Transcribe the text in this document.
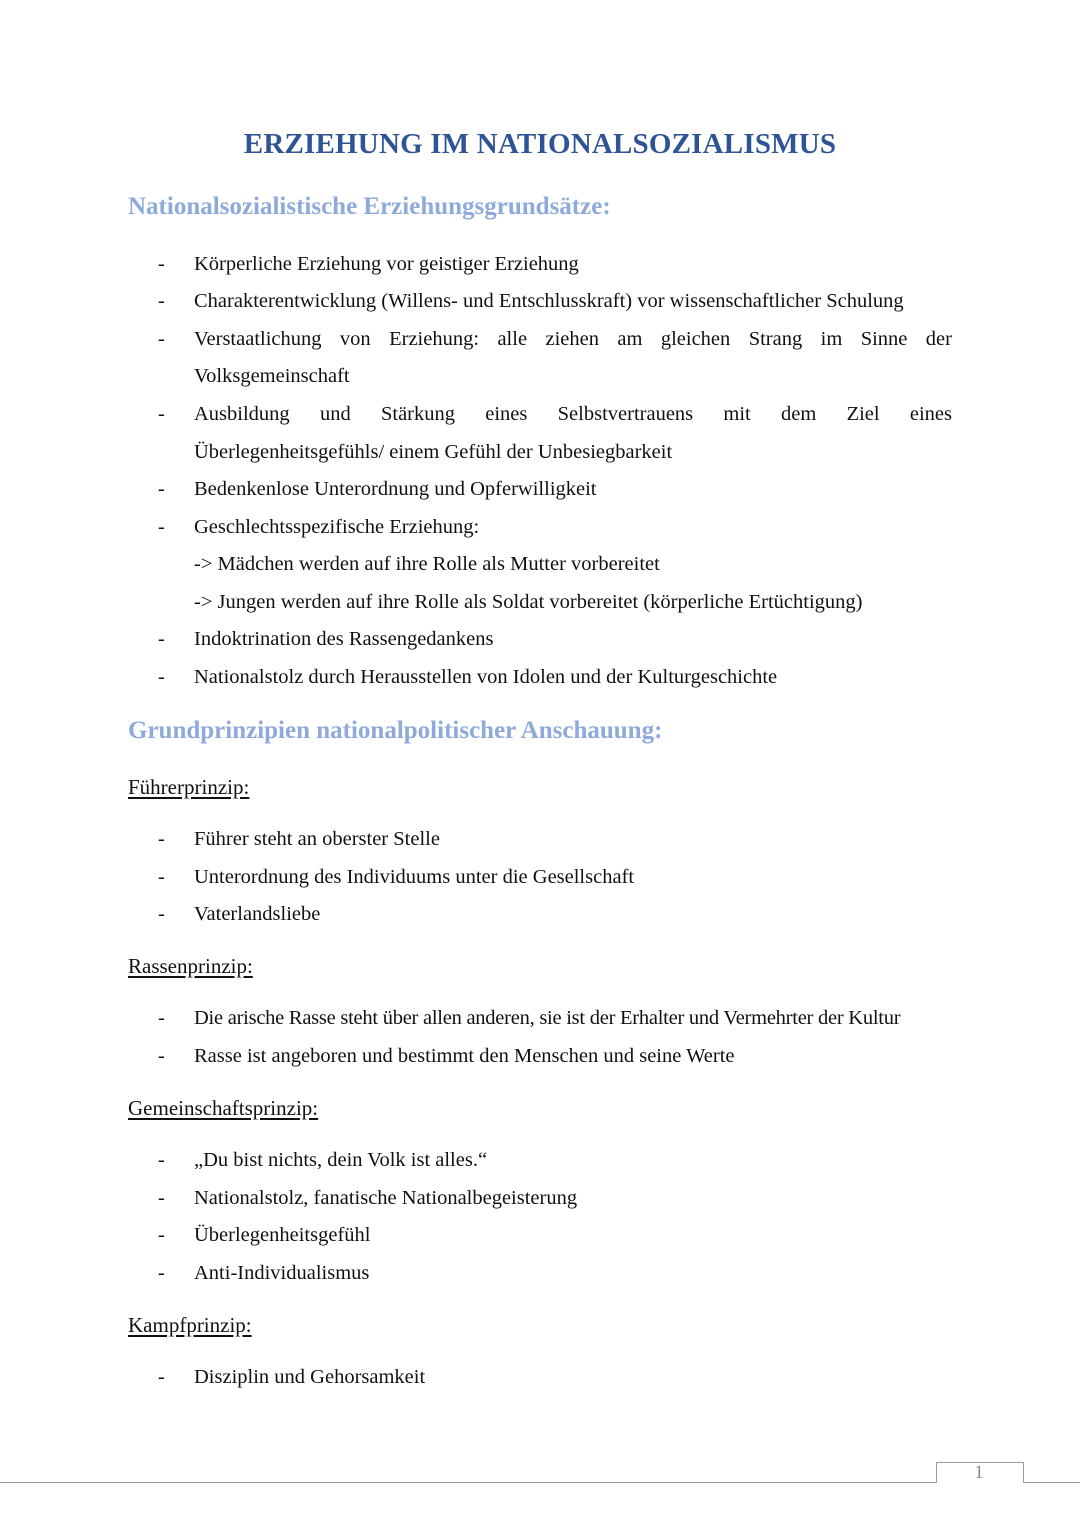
ERZIEHUNG IM NATIONALSOZIALISMUS
Nationalsozialistische Erziehungsgrundsätze:
- Körperliche Erziehung vor geistiger Erziehung
- Charakterentwicklung (Willens- und Entschlusskraft) vor wissenschaftlicher Schulung
- Verstaatlichung von Erziehung: alle ziehen am gleichen Strang im Sinne der
Volksgemeinschaft
- Ausbildung und Stärkung eines Selbstvertrauens mit dem Ziel eines
Überlegenheitsgefühls/ einem Gefühl der Unbesiegbarkeit
- Bedenkenlose Unterordnung und Opferwilligkeit
- Geschlechtsspezifische Erziehung:
-> Mädchen werden auf ihre Rolle als Mutter vorbereitet
-> Jungen werden auf ihre Rolle als Soldat vorbereitet (körperliche Ertüchtigung)
- Indoktrination des Rassengedankens
- Nationalstolz durch Herausstellen von Idolen und der Kulturgeschichte
Grundprinzipien nationalpolitischer Anschauung:
Führerprinzip:
- Führer steht an oberster Stelle
- Unterordnung des Individuums unter die Gesellschaft
- Vaterlandsliebe
Rassenprinzip:
- Die arische Rasse steht über allen anderen, sie ist der Erhalter und Vermehrter der Kultur
- Rasse ist angeboren und bestimmt den Menschen und seine Werte
Gemeinschaftsprinzip:
- „Du bist nichts, dein Volk ist alles.“
- Nationalstolz, fanatische Nationalbegeisterung
- Überlegenheitsgefühl
- Anti-Individualismus
Kampfprinzip:
- Disziplin und Gehorsamkeit
1
